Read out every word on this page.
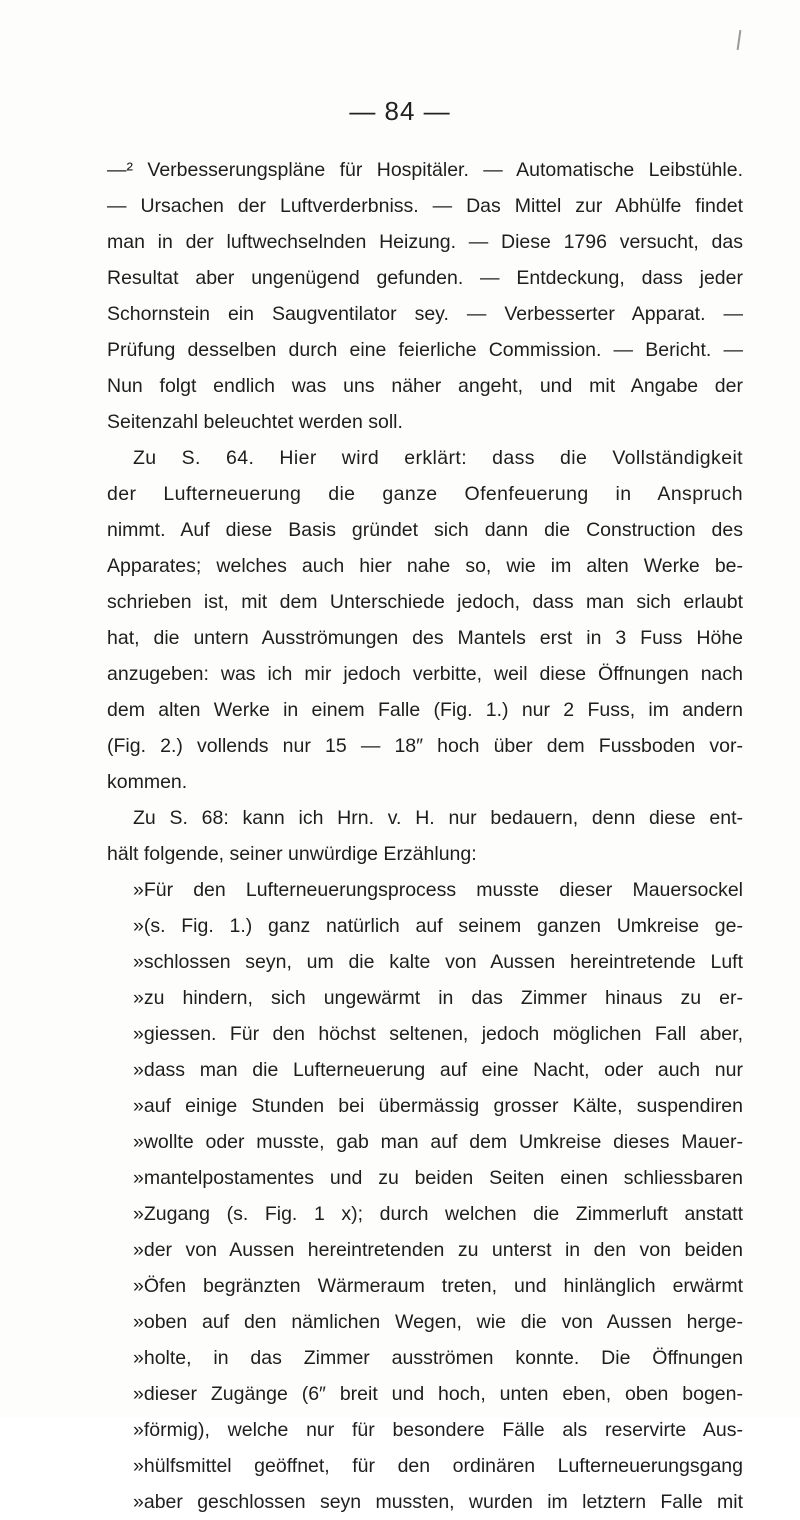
— 84 —
—² Verbesserungspläne für Hospitäler. — Automatische Leibstühle.
— Ursachen der Luftverderbniss. — Das Mittel zur Abhülfe findet
man in der luftwechselnden Heizung. — Diese 1796 versucht, das
Resultat aber ungenügend gefunden. — Entdeckung, dass jeder
Schornstein ein Saugventilator sey. — Verbesserter Apparat. —
Prüfung desselben durch eine feierliche Commission. — Bericht. —
Nun folgt endlich was uns näher angeht, und mit Angabe der
Seitenzahl beleuchtet werden soll.
Zu S. 64. Hier wird erklärt: dass die Vollständigkeit
der Lufterneuerung die ganze Ofenfeuerung in Anspruch
nimmt. Auf diese Basis gründet sich dann die Construction des
Apparates; welches auch hier nahe so, wie im alten Werke be-
schrieben ist, mit dem Unterschiede jedoch, dass man sich erlaubt
hat, die untern Ausströmungen des Mantels erst in 3 Fuss Höhe
anzugeben: was ich mir jedoch verbitte, weil diese Öffnungen nach
dem alten Werke in einem Falle (Fig. 1.) nur 2 Fuss, im andern
(Fig. 2.) vollends nur 15 — 18″ hoch über dem Fussboden vor-
kommen.
Zu S. 68: kann ich Hrn. v. H. nur bedauern, denn diese ent-
hält folgende, seiner unwürdige Erzählung:
»Für den Lufterneuerungsprocess musste dieser Mauersockel
»(s. Fig. 1.) ganz natürlich auf seinem ganzen Umkreise ge-
»schlossen seyn, um die kalte von Aussen hereintretende Luft
»zu hindern, sich ungewärmt in das Zimmer hinaus zu er-
»giessen. Für den höchst seltenen, jedoch möglichen Fall aber,
»dass man die Lufterneuerung auf eine Nacht, oder auch nur
»auf einige Stunden bei übermässig grosser Kälte, suspendiren
»wollte oder musste, gab man auf dem Umkreise dieses Mauer-
»mantelpostamentes und zu beiden Seiten einen schliessbaren
»Zugang (s. Fig. 1 x); durch welchen die Zimmerluft anstatt
»der von Aussen hereintretenden zu unterst in den von beiden
»Öfen begränzten Wärmeraum treten, und hinlänglich erwärmt
»oben auf den nämlichen Wegen, wie die von Aussen herge-
»holte, in das Zimmer ausströmen konnte. Die Öffnungen
»dieser Zugänge (6″ breit und hoch, unten eben, oben bogen-
»förmig), welche nur für besondere Fälle als reservirte Aus-
»hülfsmittel geöffnet, für den ordinären Lufterneuerungsgang
»aber geschlossen seyn mussten, wurden im letztern Falle mit
